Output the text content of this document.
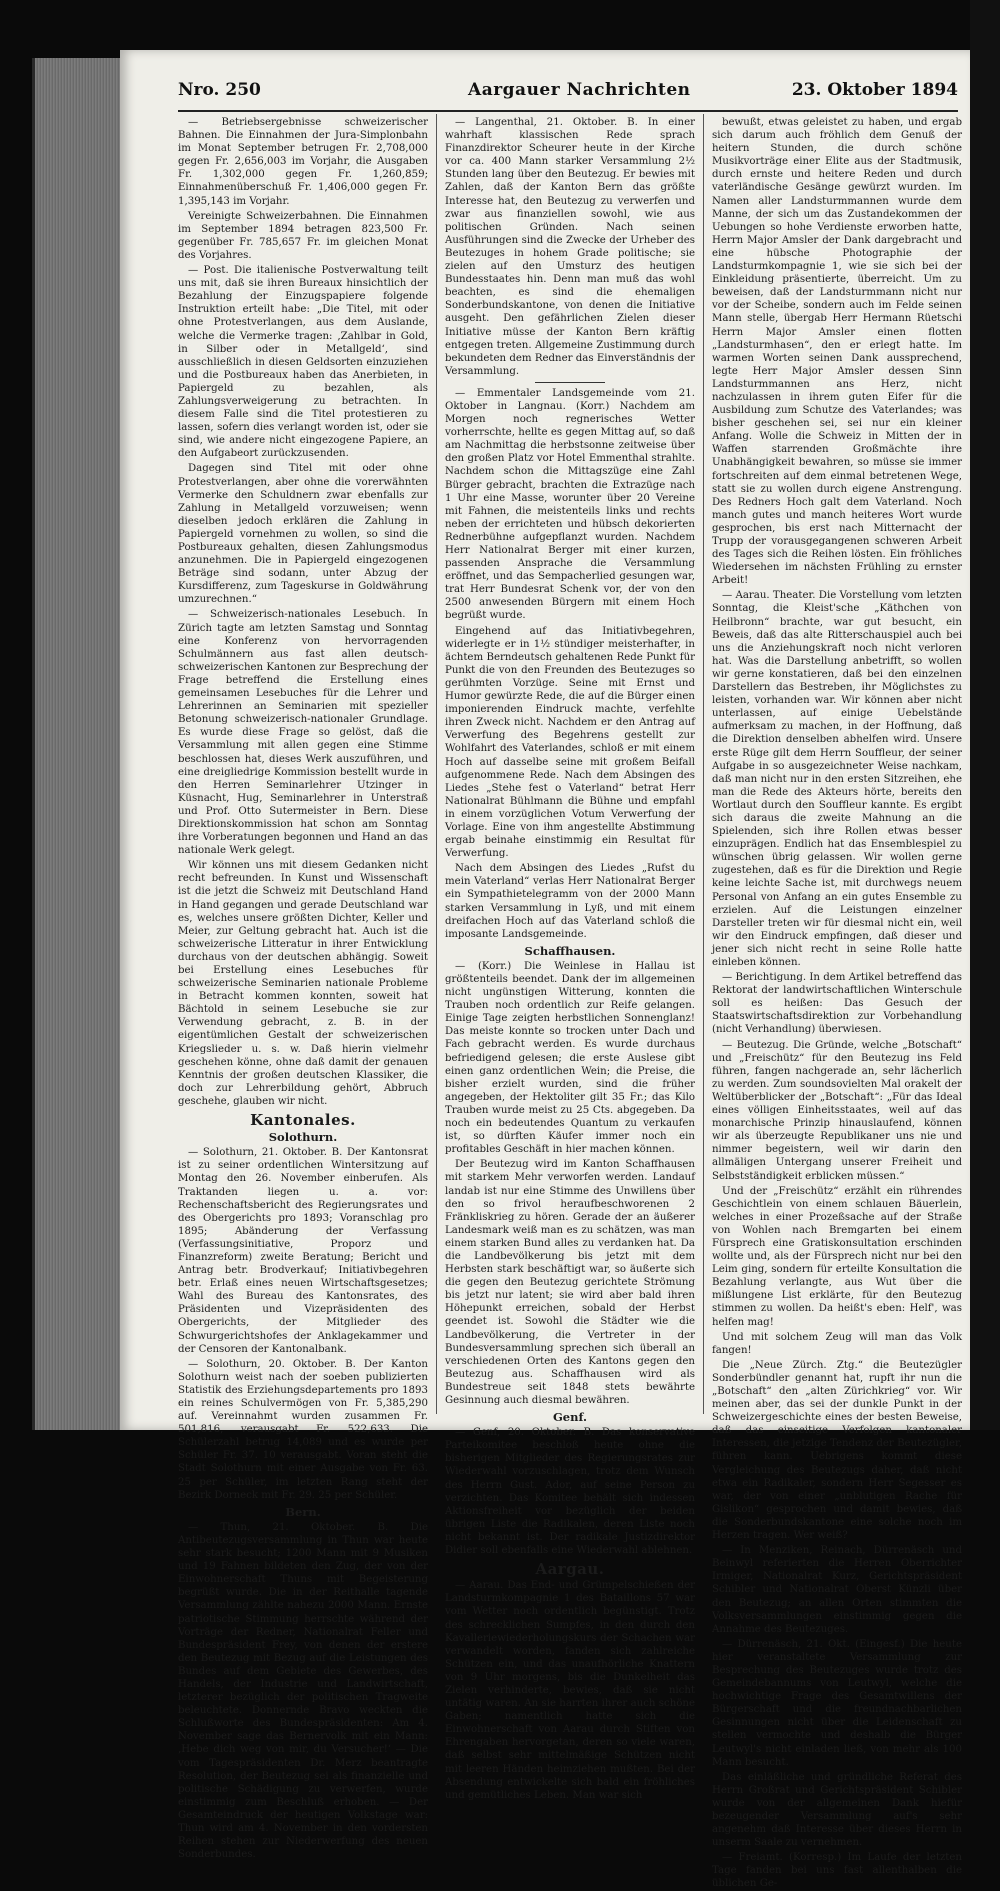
Nro. 250	Aargauer Nachrichten	23. Oktober 1894

— Betriebsergebnisse schweizerischer Bahnen. Die Einnahmen der Jura-Simplonbahn im Monat September betrugen Fr. 2,708,000 gegen Fr. 2,656,003 im Vorjahr, die Ausgaben Fr. 1,302,000 gegen Fr. 1,260,859; Einnahmenüberschuß Fr. 1,406,000 gegen Fr. 1,395,143 im Vorjahr.

Vereinigte Schweizerbahnen. Die Einnahmen im September 1894 betragen 823,500 Fr. gegenüber Fr. 785,657 Fr. im gleichen Monat des Vorjahres.

— Post. Die italienische Postverwaltung teilt uns mit, daß sie ihren Bureaux hinsichtlich der Bezahlung der Einzugspapiere folgende Instruktion erteilt habe: „Die Titel, mit oder ohne Protestverlangen, aus dem Auslande, welche die Vermerke tragen: ‚Zahlbar in Gold, in Silber oder in Metallgeld‘, sind ausschließlich in diesen Geldsorten einzuziehen und die Postbureaux haben das Anerbieten, in Papiergeld zu bezahlen, als Zahlungsverweigerung zu betrachten. In diesem Falle sind die Titel protestieren zu lassen, sofern dies verlangt worden ist, oder sie sind, wie andere nicht eingezogene Papiere, an den Aufgabeort zurückzusenden.

Dagegen sind Titel mit oder ohne Protestverlangen, aber ohne die vorerwähnten Vermerke den Schuldnern zwar ebenfalls zur Zahlung in Metallgeld vorzuweisen; wenn dieselben jedoch erklären die Zahlung in Papiergeld vornehmen zu wollen, so sind die Postbureaux gehalten, diesen Zahlungsmodus anzunehmen. Die in Papiergeld eingezogenen Beträge sind sodann, unter Abzug der Kursdifferenz, zum Tageskurse in Goldwährung umzurechnen.“

— Schweizerisch-nationales Lesebuch. In Zürich tagte am letzten Samstag und Sonntag eine Konferenz von hervorragenden Schulmännern aus fast allen deutsch-schweizerischen Kantonen zur Besprechung der Frage betreffend die Erstellung eines gemeinsamen Lesebuches für die Lehrer und Lehrerinnen an Seminarien mit spezieller Betonung schweizerisch-nationaler Grundlage. Es wurde diese Frage so gelöst, daß die Versammlung mit allen gegen eine Stimme beschlossen hat, dieses Werk auszuführen, und eine dreigliedrige Kommission bestellt wurde in den Herren Seminarlehrer Utzinger in Küsnacht, Hug, Seminarlehrer in Unterstraß und Prof. Otto Sutermeister in Bern. Diese Direktionskommission hat schon am Sonntag ihre Vorberatungen begonnen und Hand an das nationale Werk gelegt.

Wir können uns mit diesem Gedanken nicht recht befreunden. In Kunst und Wissenschaft ist die jetzt die Schweiz mit Deutschland Hand in Hand gegangen und gerade Deutschland war es, welches unsere größten Dichter, Keller und Meier, zur Geltung gebracht hat. Auch ist die schweizerische Litteratur in ihrer Entwicklung durchaus von der deutschen abhängig. Soweit bei Erstellung eines Lesebuches für schweizerische Seminarien nationale Probleme in Betracht kommen konnten, soweit hat Bächtold in seinem Lesebuche sie zur Verwendung gebracht, z. B. in der eigentümlichen Gestalt der schweizerischen Kriegslieder u. s. w. Daß hierin vielmehr geschehen könne, ohne daß damit der genauen Kenntnis der großen deutschen Klassiker, die doch zur Lehrerbildung gehört, Abbruch geschehe, glauben wir nicht.

Kantonales.
Solothurn.

— Solothurn, 21. Oktober. B. Der Kantonsrat ist zu seiner ordentlichen Wintersitzung auf Montag den 26. November einberufen. Als Traktanden liegen u. a. vor: Rechenschaftsbericht des Regierungsrates und des Obergerichts pro 1893; Voranschlag pro 1895; Abänderung der Verfassung (Verfassungsinitiative, Proporz und Finanzreform) zweite Beratung; Bericht und Antrag betr. Brodverkauf; Initiativbegehren betr. Erlaß eines neuen Wirtschaftsgesetzes; Wahl des Bureau des Kantonsrates, des Präsidenten und Vizepräsidenten des Obergerichts, der Mitglieder des Schwurgerichtshofes der Anklagekammer und der Censoren der Kantonalbank.

— Solothurn, 20. Oktober. B. Der Kanton Solothurn weist nach der soeben publizierten Statistik des Erziehungsdepartements pro 1893 ein reines Schulvermögen von Fr. 5,385,290 auf. Vereinnahmt wurden zusammen Fr. 501,816, verausgabt Fr. 522,633. Die Schülerzahl betrug 14,089 und es wurde per Schüler Fr. 37. 10 verausgabt. Voran steht die Stadt Solothurn mit einer Ausgabe von Fr. 63. 25 per Schüler, im letzten Rang steht der Bezirk Dorneck mit Fr. 29. 25 per Schüler.

Bern.

— Thun, 21. Oktober. B. Die Antibeutezugsversammlung in Thun war heute sehr stark besucht; 1200 Mann mit 9 Musiken und 19 Fahnen bildeten den Zug, der von der Einwohnerschaft Thuns mit Begeisterung begrüßt wurde. Die in der Reithalle tagende Versammlung zählte nahezu 2000 Mann. Ernste patriotische Stimmung herrschte während der Vorträge der Redner, Nationalrat Feller und Bundespräsident Frey, von denen der erstere den Beutezug mit Bezug auf die Leistungen des Bundes auf dem Gebiete des Gewerbes, des Handels, der Industrie und Landwirtschaft, letzterer bezüglich der politischen Tragweite beleuchtete. Donnernde Bravo weckten die Schlußworte des Bundespräsidenten: Am 4. November sage das Bernervolk mit ein Mann: ‚Hebe dich weg von mir, du Versucher!‘ — Die vom Tagespräsidenten Dr. Merz beantragte Resolution, der Beutezug sei als finanzielle und politische Schädigung zu verwerfen, wurde einstimmig zum Beschluß erhoben. — Der Gesamteindruck der heutigen Volkstage war: Thun wird am 4. November in den vordersten Reihen stehen zur Niederwerfung des neuen Sonderbundes.

— Langenthal, 21. Oktober. B. In einer wahrhaft klassischen Rede sprach Finanzdirektor Scheurer heute in der Kirche vor ca. 400 Mann starker Versammlung 2½ Stunden lang über den Beutezug. Er bewies mit Zahlen, daß der Kanton Bern das größte Interesse hat, den Beutezug zu verwerfen und zwar aus finanziellen sowohl, wie aus politischen Gründen. Nach seinen Ausführungen sind die Zwecke der Urheber des Beutezuges in hohem Grade politische; sie zielen auf den Umsturz des heutigen Bundesstaates hin. Denn man muß das wohl beachten, es sind die ehemaligen Sonderbundskantone, von denen die Initiative ausgeht. Den gefährlichen Zielen dieser Initiative müsse der Kanton Bern kräftig entgegen treten. Allgemeine Zustimmung durch bekundeten dem Redner das Einverständnis der Versammlung.

— Emmentaler Landsgemeinde vom 21. Oktober in Langnau. (Korr.) Nachdem am Morgen noch regnerisches Wetter vorherrschte, hellte es gegen Mittag auf, so daß am Nachmittag die herbstsonne zeitweise über den großen Platz vor Hotel Emmenthal strahlte. Nachdem schon die Mittagszüge eine Zahl Bürger gebracht, brachten die Extrazüge nach 1 Uhr eine Masse, worunter über 20 Vereine mit Fahnen, die meistenteils links und rechts neben der errichteten und hübsch dekorierten Rednerbühne aufgepflanzt wurden. Nachdem Herr Nationalrat Berger mit einer kurzen, passenden Ansprache die Versammlung eröffnet, und das Sempacherlied gesungen war, trat Herr Bundesrat Schenk vor, der von den 2500 anwesenden Bürgern mit einem Hoch begrüßt wurde.

Eingehend auf das Initiativbegehren, widerlegte er in 1½ stündiger meisterhafter, in ächtem Berndeutsch gehaltenen Rede Punkt für Punkt die von den Freunden des Beutezuges so gerühmten Vorzüge. Seine mit Ernst und Humor gewürzte Rede, die auf die Bürger einen imponierenden Eindruck machte, verfehlte ihren Zweck nicht. Nachdem er den Antrag auf Verwerfung des Begehrens gestellt zur Wohlfahrt des Vaterlandes, schloß er mit einem Hoch auf dasselbe seine mit großem Beifall aufgenommene Rede. Nach dem Absingen des Liedes „Stehe fest o Vaterland“ betrat Herr Nationalrat Bühlmann die Bühne und empfahl in einem vorzüglichen Votum Verwerfung der Vorlage. Eine von ihm angestellte Abstimmung ergab beinahe einstimmig ein Resultat für Verwerfung.

Nach dem Absingen des Liedes „Rufst du mein Vaterland“ verlas Herr Nationalrat Berger ein Sympathietelegramm von der 2000 Mann starken Versammlung in Lyß, und mit einem dreifachen Hoch auf das Vaterland schloß die imposante Landsgemeinde.

Schaffhausen.

— (Korr.) Die Weinlese in Hallau ist größtenteils beendet. Dank der im allgemeinen nicht ungünstigen Witterung, konnten die Trauben noch ordentlich zur Reife gelangen. Einige Tage zeigten herbstlichen Sonnenglanz! Das meiste konnte so trocken unter Dach und Fach gebracht werden. Es wurde durchaus befriedigend gelesen; die erste Auslese gibt einen ganz ordentlichen Wein; die Preise, die bisher erzielt wurden, sind die früher angegeben, der Hektoliter gilt 35 Fr.; das Kilo Trauben wurde meist zu 25 Cts. abgegeben. Da noch ein bedeutendes Quantum zu verkaufen ist, so dürften Käufer immer noch ein profitables Geschäft in hier machen können.

Der Beutezug wird im Kanton Schaffhausen mit starkem Mehr verworfen werden. Landauf landab ist nur eine Stimme des Unwillens über den so frivol heraufbeschworenen 2 Fränkliskrieg zu hören. Gerade der an äußerer Landesmark weiß man es zu schätzen, was man einem starken Bund alles zu verdanken hat. Da die Landbevölkerung bis jetzt mit dem Herbsten stark beschäftigt war, so äußerte sich die gegen den Beutezug gerichtete Strömung bis jetzt nur latent; sie wird aber bald ihren Höhepunkt erreichen, sobald der Herbst geendet ist. Sowohl die Städter wie die Landbevölkerung, die Vertreter in der Bundesversammlung sprechen sich überall an verschiedenen Orten des Kantons gegen den Beutezug aus. Schaffhausen wird als Bundestreue seit 1848 stets bewährte Gesinnung auch diesmal bewähren.

Genf.

— Genf, 20. Oktober. B. Das konservative Parteikomitee beschloß heute ohne die bisherigen Mitglieder des Regierungsrates zur Wiederwahl vorzuschlagen, trotz dem Wunsch des Herrn Gust. Ador, auf seine Person zu verzichten. Das Komitee behält sich indessen Aktionsfreiheit vor bezüglich der beiden übrigen Liste die Radikalen, deren Liste noch nicht bekannt ist. Der radikale Justizdirektor Didier soll ebenfalls eine Wiederwahl ablehnen.

Aargau.

— Aarau. Das End- und Grümpelschießen der Landsturmkompagnie 1 des Bataillons 57 war vom Wetter noch ordentlich begünstigt. Trotz des schrecklichen Sumpfes, in den durch den Kavalleriewiederholungskurs der Schachen war verwandelt worden, fanden sich zahlreiche Schützen ein, und das unaufhörliche Knattern von 9 Uhr morgens, bis die Dunkelheit das Zielen verhinderte, bewies, daß sie nicht untätig waren. An sie harrten ihrer auch schöne Gaben; namentlich hatte sich die Einwohnerschaft von Aarau durch Stiften von Ehrengaben hervorgetan, deren so viele waren, daß selbst sehr mittelmäßige Schützen nicht mit leeren Händen heimziehen mußten. Bei der Absendung entwickelte sich bald ein fröhliches und gemütliches Leben. Man war sich

bewußt, etwas geleistet zu haben, und ergab sich darum auch fröhlich dem Genuß der heitern Stunden, die durch schöne Musikvorträge einer Elite aus der Stadtmusik, durch ernste und heitere Reden und durch vaterländische Gesänge gewürzt wurden. Im Namen aller Landsturmmannen wurde dem Manne, der sich um das Zustandekommen der Uebungen so hohe Verdienste erworben hatte, Herrn Major Amsler der Dank dargebracht und eine hübsche Photographie der Landsturmkompagnie 1, wie sie sich bei der Einkleidung präsentierte, überreicht. Um zu beweisen, daß der Landsturmmann nicht nur vor der Scheibe, sondern auch im Felde seinen Mann stelle, übergab Herr Hermann Rüetschi Herrn Major Amsler einen flotten „Landsturmhasen“, den er erlegt hatte. Im warmen Worten seinen Dank aussprechend, legte Herr Major Amsler dessen Sinn Landsturmmannen ans Herz, nicht nachzulassen in ihrem guten Eifer für die Ausbildung zum Schutze des Vaterlandes; was bisher geschehen sei, sei nur ein kleiner Anfang. Wolle die Schweiz in Mitten der in Waffen starrenden Großmächte ihre Unabhängigkeit bewahren, so müsse sie immer fortschreiten auf dem einmal betretenen Wege, statt sie zu wollen durch eigene Anstrengung. Des Redners Hoch galt dem Vaterland. Noch manch gutes und manch heiteres Wort wurde gesprochen, bis erst nach Mitternacht der Trupp der vorausgegangenen schweren Arbeit des Tages sich die Reihen lösten. Ein fröhliches Wiedersehen im nächsten Frühling zu ernster Arbeit!

— Aarau. Theater. Die Vorstellung vom letzten Sonntag, die Kleist'sche „Käthchen von Heilbronn“ brachte, war gut besucht, ein Beweis, daß das alte Ritterschauspiel auch bei uns die Anziehungskraft noch nicht verloren hat. Was die Darstellung anbetrifft, so wollen wir gerne konstatieren, daß bei den einzelnen Darstellern das Bestreben, ihr Möglichstes zu leisten, vorhanden war. Wir können aber nicht unterlassen, auf einige Uebelstände aufmerksam zu machen, in der Hoffnung, daß die Direktion denselben abhelfen wird. Unsere erste Rüge gilt dem Herrn Souffleur, der seiner Aufgabe in so ausgezeichneter Weise nachkam, daß man nicht nur in den ersten Sitzreihen, ehe man die Rede des Akteurs hörte, bereits den Wortlaut durch den Souffleur kannte. Es ergibt sich daraus die zweite Mahnung an die Spielenden, sich ihre Rollen etwas besser einzuprägen. Endlich hat das Ensemblespiel zu wünschen übrig gelassen. Wir wollen gerne zugestehen, daß es für die Direktion und Regie keine leichte Sache ist, mit durchwegs neuem Personal von Anfang an ein gutes Ensemble zu erzielen. Auf die Leistungen einzelner Darsteller treten wir für diesmal nicht ein, weil wir den Eindruck empfingen, daß dieser und jener sich nicht recht in seine Rolle hatte einleben können.

— Berichtigung. In dem Artikel betreffend das Rektorat der landwirtschaftlichen Winterschule soll es heißen: Das Gesuch der Staatswirtschaftsdirektion zur Vorbehandlung (nicht Verhandlung) überwiesen.

— Beutezug. Die Gründe, welche „Botschaft“ und „Freischütz“ für den Beutezug ins Feld führen, fangen nachgerade an, sehr lächerlich zu werden. Zum soundsovielten Mal orakelt der Weltüberblicker der „Botschaft“: „Für das Ideal eines völligen Einheitsstaates, weil auf das monarchische Prinzip hinauslaufend, können wir als überzeugte Republikaner uns nie und nimmer begeistern, weil wir darin den allmäligen Untergang unserer Freiheit und Selbstständigkeit erblicken müssen.“

Und der „Freischütz“ erzählt ein rührendes Geschichtlein von einem schlauen Bäuerlein, welches in einer Prozeßsache auf der Straße von Wohlen nach Bremgarten bei einem Fürsprech eine Gratiskonsultation erschinden wollte und, als der Fürsprech nicht nur bei den Leim ging, sondern für erteilte Konsultation die Bezahlung verlangte, aus Wut über die mißlungene List erklärte, für den Beutezug stimmen zu wollen. Da heißt's eben: Helf', was helfen mag!

Und mit solchem Zeug will man das Volk fangen!

Die „Neue Zürch. Ztg.“ die Beutezügler Sonderbündler genannt hat, rupft ihr nun die „Botschaft“ den „alten Zürichkrieg“ vor. Wir meinen aber, das sei der dunkle Punkt in der Schweizergeschichte eines der besten Beweise, daß das einseitige Verfolgen kantonaler Interessen, die jetzige Tendenz der Beutezügler, führen kann. Uebrigens kommt diese Vergleichung des Beutezugs daher, daß nicht etwa ein Radikaler, sondern Herr Segesser es war, der von einer „unblutigen Rache für Gislikon“ gesprochen und damit bewies, daß die Sonderbundskantone eine solche noch im Herzen tragen. Wer weiß?

— In Menziken, Reinach, Dürrenäsch und Beinwyl referierten die Herren Oberrichter Irmiger, Nationalrat Kurz, Gerichtspräsident Schibler und Nationalrat Oberst Künzli über den Beutezug; an allen Orten stimmten die Volksversammlungen einstimmig gegen die Annahme des Beutezuges.

— Dürrenäsch, 21. Okt. (Eingesf.) Die heute hier veranstaltete Versammlung zur Besprechung des Beutezuges wurde trotz des Gemeindebannums von Leutwyl, welche die hochwichtige Frage des Gesamtwillens der Bürgerschaft und die freundnachbarlichen Gesinnungen nicht über die Leidenschaft zu stellen vermochte und deshalb die Bürger Leutwyl's nicht einladen ließ, von mehr als 100 Mann besucht.

Das einläßliche und gründliche Referat des Herrn Großrat und Gerichtspräsident Schibler wurde von der allgemeinen Dank hiefür bezeugender Versammlung auf's sehr angenehm daß Interesse über dieses Herrn in unserm Saale zu vernehmen.

— Freiamt. (Korresp.) Im Laufe der letzten Tage fanden bei uns fast allenthalben die üblichen Ge-
